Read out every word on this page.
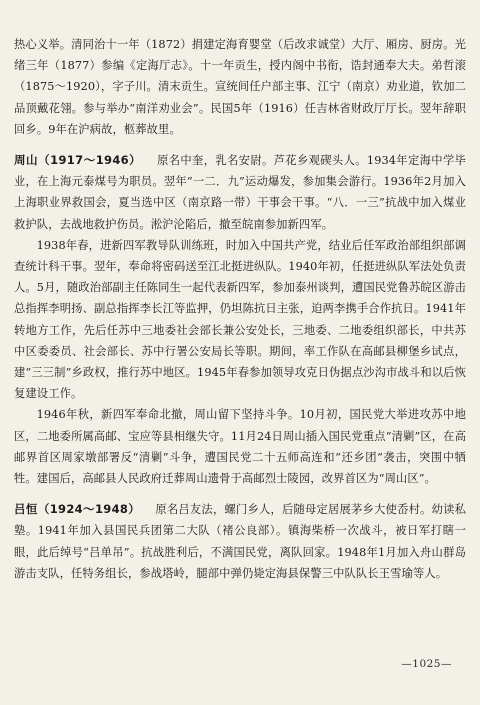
热心义举。清同治十一年（1872）捐建定海育婴堂（后改求诚堂）大厅、厢房、厨房。光绪三年（1877）参编《定海厅志》。十一年贡生，授内阁中书衔，诰封通奉大夫。弟哲滚（1875～1920），字子川。清末贡生。宣统间任户部主事、江宁（南京）劝业道，钦加二品顶戴花翎。参与举办“南洋劝业会”。民国5年（1916）任吉林省财政厅厅长。翌年辞职回乡。9年在沪病故，柩葬故里。

周山（1917～1946） 原名中奎，乳名安尉。芦花乡观碶头人。1934年定海中学毕业，在上海元泰煤号为职员。翌年“一二．九”运动爆发，参加集会游行。1936年2月加入上海职业界救国会，夏当选中区（南京路一带）干事会干事。“八．一三”抗战中加入煤业救护队，去战地救护伤员。淞沪沦陷后，撤至皖南参加新四军。

1938年春，进新四军教导队训练班，时加入中国共产党，结业后任军政治部组织部调查统计科干事。翌年，奉命将密码送至江北挺进纵队。1940年初，任挺进纵队军法处负责人。5月，随政治部副主任陈同生一起代表新四军，参加泰州谈判，遭国民党鲁苏皖区游击总指挥李明扬、副总指挥李长江等监押，仍坦陈抗日主张，迫两李携手合作抗日。1941年转地方工作，先后任苏中三地委社会部长兼公安处长，三地委、二地委组织部长，中共苏中区委委员、社会部长、苏中行署公安局长等职。期间，率工作队在高邮县柳堡乡试点，建“三三制”乡政权，推行苏中地区。1945年春参加领导攻克日伪据点沙沟市战斗和以后恢复建设工作。

1946年秋，新四军奉命北撤，周山留下坚持斗争。10月初，国民党大举进攻苏中地区，二地委所属高邮、宝应等县相继失守。11月24日周山插入国民党重点“清剿”区，在高邮界首区周家墩部署反“清剿”斗争，遭国民党二十五师高连和“还乡团”袭击，突围中牺牲。建国后，高邮县人民政府迁葬周山遗骨于高邮烈士陵园，改界首区为“周山区”。

吕恒（1924～1948） 原名吕友法，螺门乡人，后随母定居展茅乡大使岙村。幼读私塾。1941年加入县国民兵团第二大队（褚公良部）。镇海柴桥一次战斗，被日军打瞎一眼，此后绰号“吕单吊”。抗战胜利后，不满国民党，离队回家。1948年1月加入舟山群岛游击支队，任特务组长，参战塔岭，腿部中弹仍毙定海县保警三中队队长王雪瑜等人。

—1025—
